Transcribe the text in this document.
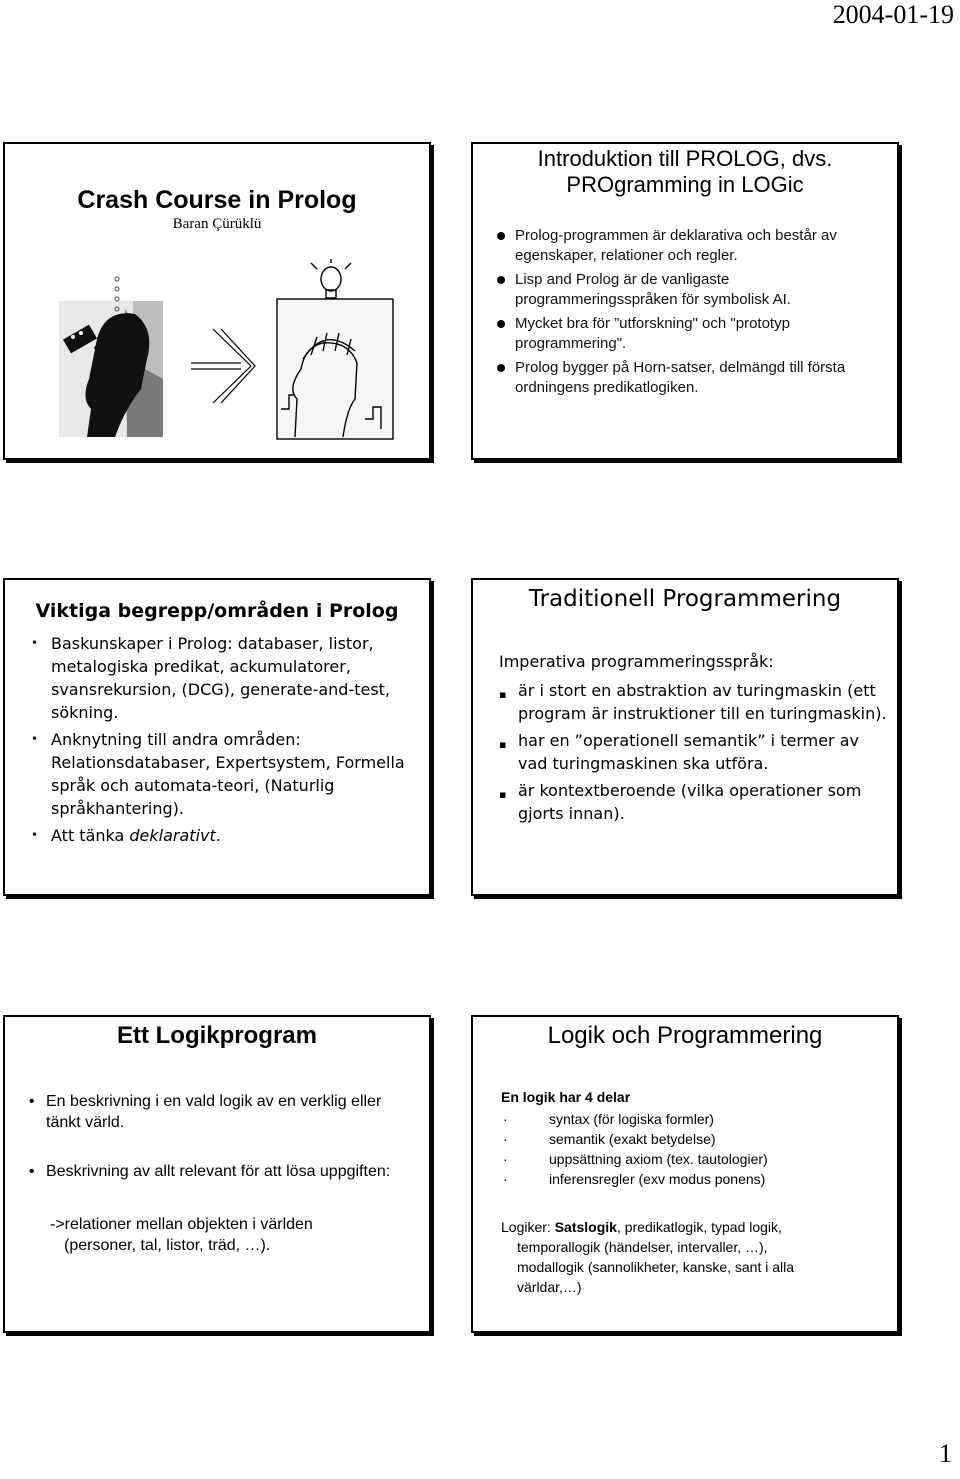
2004-01-19
Crash Course in Prolog
Baran Çürüklü
Introduktion till PROLOG, dvs.
PROgramming in LOGic
Prolog-programmen är deklarativa och består av egenskaper, relationer och regler.
Lisp and Prolog är de vanligaste programmeringsspråken för symbolisk AI.
Mycket bra för ”utforskning" och "prototyp programmering".
Prolog bygger på Horn-satser, delmängd till första ordningens predikatlogiken.
Viktiga begrepp/områden i Prolog
• Baskunskaper i Prolog: databaser, listor, metalogiska predikat, ackumulatorer, svansrekursion, (DCG), generate-and-test, sökning.
• Anknytning till andra områden: Relationsdatabaser, Expertsystem, Formella språk och automata-teori, (Naturlig språkhantering).
• Att tänka deklarativt.
Traditionell Programmering
Imperativa programmeringsspråk:
▪ är i stort en abstraktion av turingmaskin (ett program är instruktioner till en turingmaskin).
▪ har en ”operationell semantik” i termer av vad turingmaskinen ska utföra.
▪ är kontextberoende (vilka operationer som gjorts innan).
Ett Logikprogram
• En beskrivning i en vald logik av en verklig eller tänkt värld.
• Beskrivning av allt relevant för att lösa uppgiften:
->relationer mellan objekten i världen
(personer, tal, listor, träd, …).
Logik och Programmering
En logik har 4 delar
·	syntax (för logiska formler)
·	semantik (exakt betydelse)
·	uppsättning axiom (tex. tautologier)
·	inferensregler (exv modus ponens)
Logiker: Satslogik, predikatlogik, typad logik,
temporallogik (händelser, intervaller, …),
modallogik (sannolikheter, kanske, sant i alla
världar,…)
1
